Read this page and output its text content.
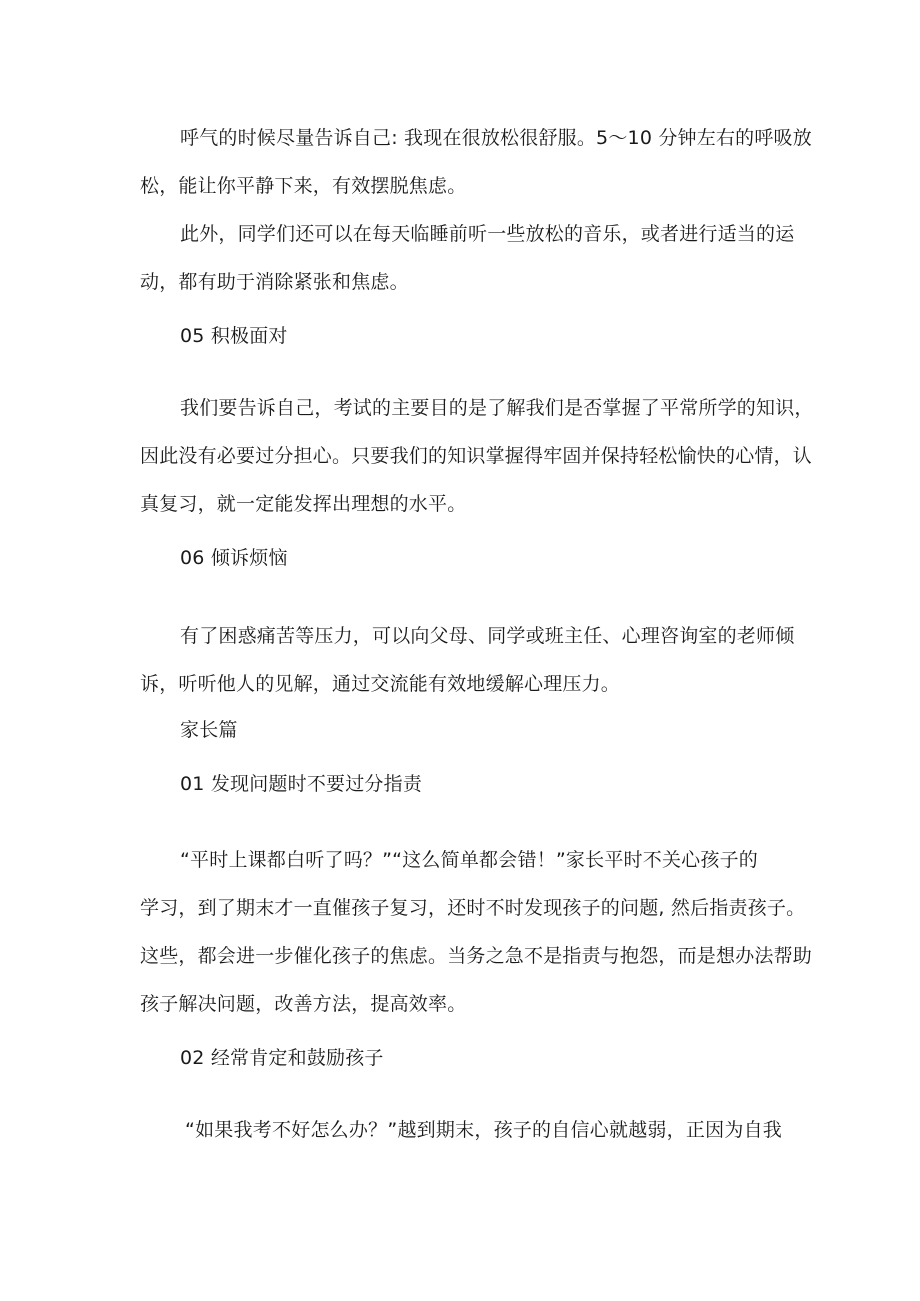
呼气的时候尽量告诉自己: 我现在很放松很舒服。5～10 分钟左右的呼吸放

松，能让你平静下来，有效摆脱焦虑。

此外，同学们还可以在每天临睡前听一些放松的音乐，或者进行适当的运

动，都有助于消除紧张和焦虑。

05 积极面对

我们要告诉自己，考试的主要目的是了解我们是否掌握了平常所学的知识，

因此没有必要过分担心。只要我们的知识掌握得牢固并保持轻松愉快的心情，认

真复习，就一定能发挥出理想的水平。

06 倾诉烦恼

有了困惑痛苦等压力，可以向父母、同学或班主任、心理咨询室的老师倾

诉，听听他人的见解，通过交流能有效地缓解心理压力。

家长篇

01 发现问题时不要过分指责

“平时上课都白听了吗？”“这么简单都会错！”家长平时不关心孩子的

学习，到了期末才一直催孩子复习，还时不时发现孩子的问题, 然后指责孩子。

这些，都会进一步催化孩子的焦虑。当务之急不是指责与抱怨，而是想办法帮助

孩子解决问题，改善方法，提高效率。

02 经常肯定和鼓励孩子

“如果我考不好怎么办？”越到期末，孩子的自信心就越弱，正因为自我
